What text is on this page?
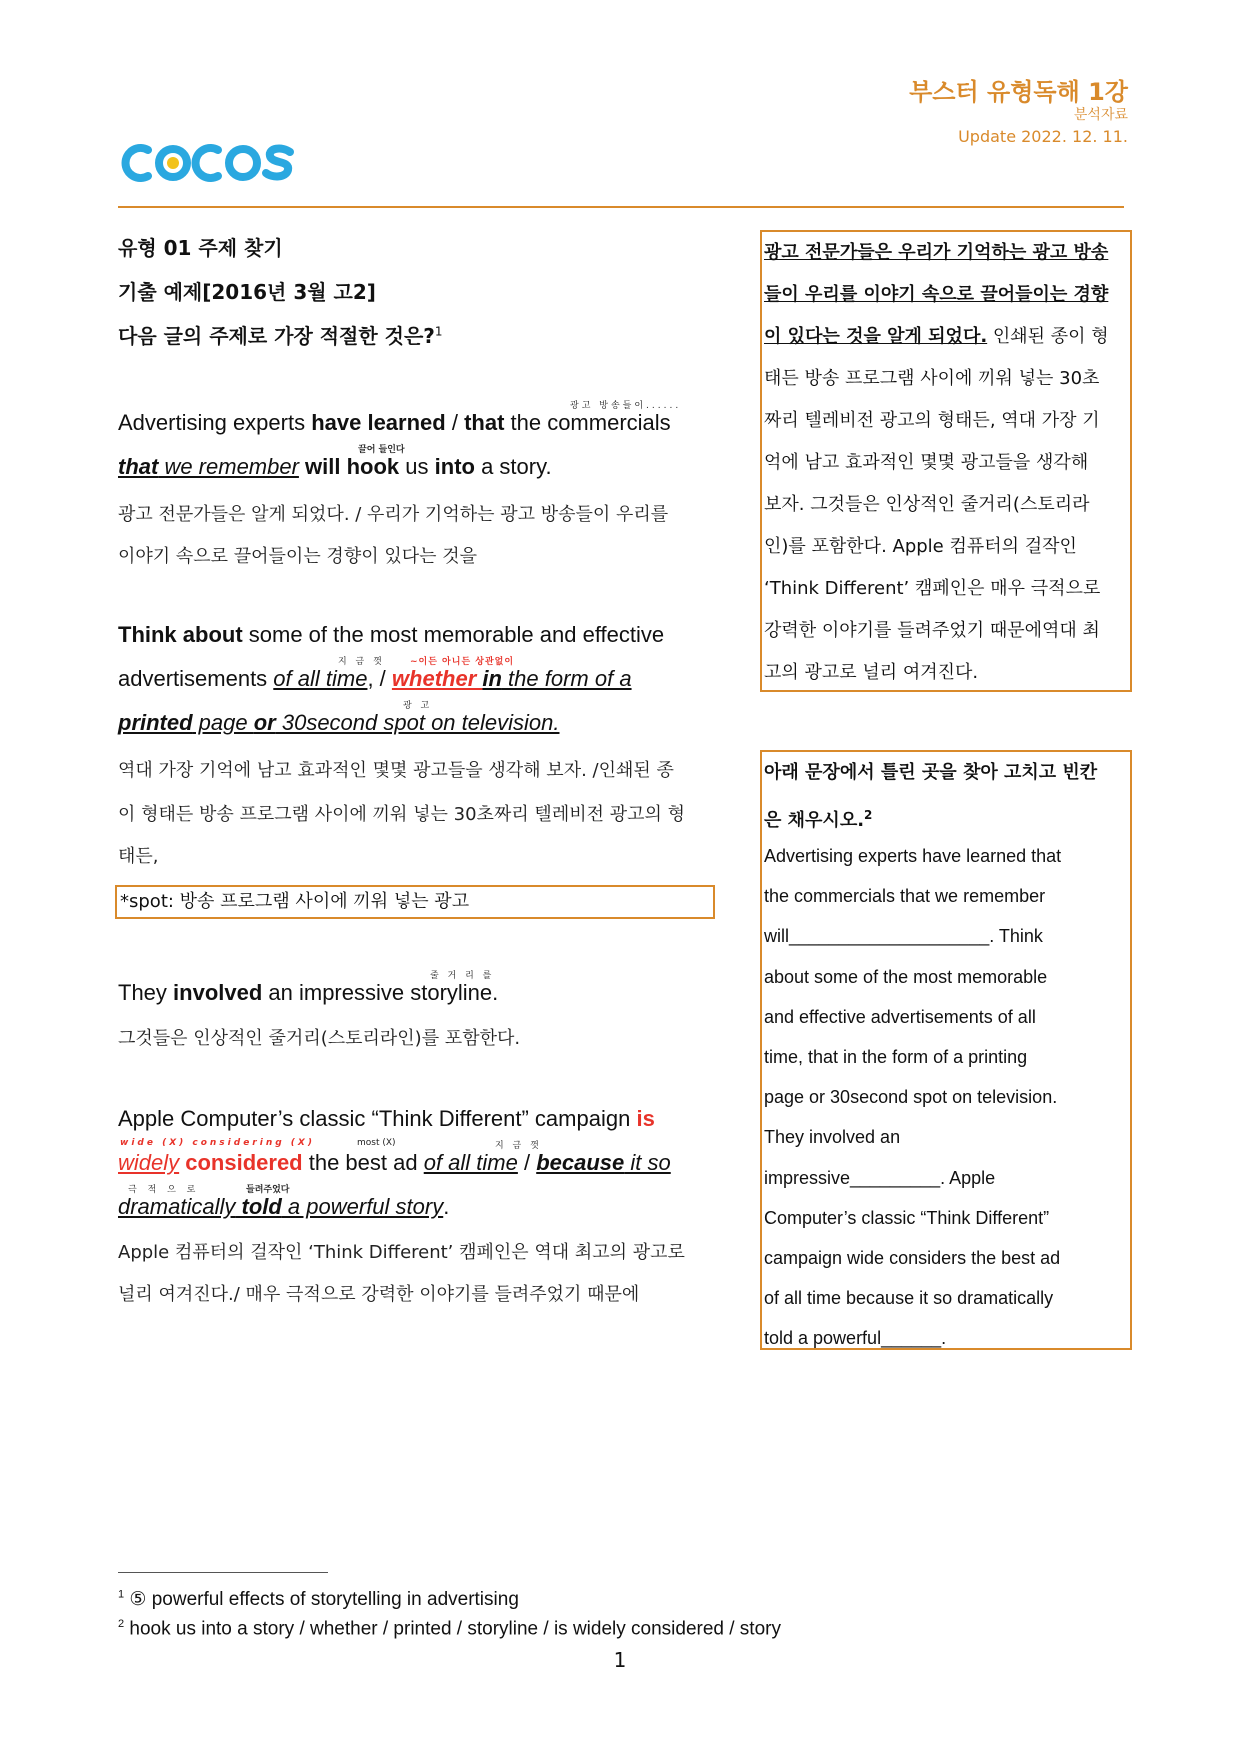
부스터 유형독해 1강
분석자료
Update 2022. 12. 11.
유형 01 주제 찾기
기출 예제[2016년 3월 고2]
다음 글의 주제로 가장 적절한 것은?$^1$
광고 방송들이......
Advertising experts have learned / that the commercials
끌어 들인다
that we remember will hook us into a story.
광고 전문가들은 알게 되었다. / 우리가 기억하는 광고 방송들이 우리를
이야기 속으로 끌어들이는 경향이 있다는 것을
Think about some of the most memorable and effective
지 금 껏	~이든 아니든 상관없이
advertisements of all time, / whether in the form of a
광 고
printed page or 30second spot on television.
역대 가장 기억에 남고 효과적인 몇몇 광고들을 생각해 보자. /인쇄된 종
이 형태든 방송 프로그램 사이에 끼워 넣는 30초짜리 텔레비전 광고의 형
태든,
*spot: 방송 프로그램 사이에 끼워 넣는 광고
줄 거 리 를
They involved an impressive storyline.
그것들은 인상적인 줄거리(스토리라인)를 포함한다.
Apple Computer’s classic “Think Different” campaign is
wide (X) considering (X)	most (X)	지 금 껏
widely considered the best ad of all time / because it so
극 적 으 로	들려주었다
dramatically told a powerful story.
Apple 컴퓨터의 걸작인 ‘Think Different’ 캠페인은 역대 최고의 광고로
널리 여겨진다./ 매우 극적으로 강력한 이야기를 들려주었기 때문에
광고 전문가들은 우리가 기억하는 광고 방송
들이 우리를 이야기 속으로 끌어들이는 경향
이 있다는 것을 알게 되었다. 인쇄된 종이 형
태든 방송 프로그램 사이에 끼워 넣는 30초
짜리 텔레비전 광고의 형태든, 역대 가장 기
억에 남고 효과적인 몇몇 광고들을 생각해
보자. 그것들은 인상적인 줄거리(스토리라
인)를 포함한다. Apple 컴퓨터의 걸작인
‘Think Different’ 캠페인은 매우 극적으로
강력한 이야기를 들려주었기 때문에역대 최
고의 광고로 널리 여겨진다.
아래 문장에서 틀린 곳을 찾아 고치고 빈칸
은 채우시오.$^2$
Advertising experts have learned that
the commercials that we remember
will____________________. Think
about some of the most memorable
and effective advertisements of all
time, that in the form of a printing
page or 30second spot on television.
They involved an
impressive_________. Apple
Computer’s classic “Think Different”
campaign wide considers the best ad
of all time because it so dramatically
told a powerful______.
$^1$ ⑤ powerful effects of storytelling in advertising
$^2$ hook us into a story / whether / printed / storyline / is widely considered / story
1
